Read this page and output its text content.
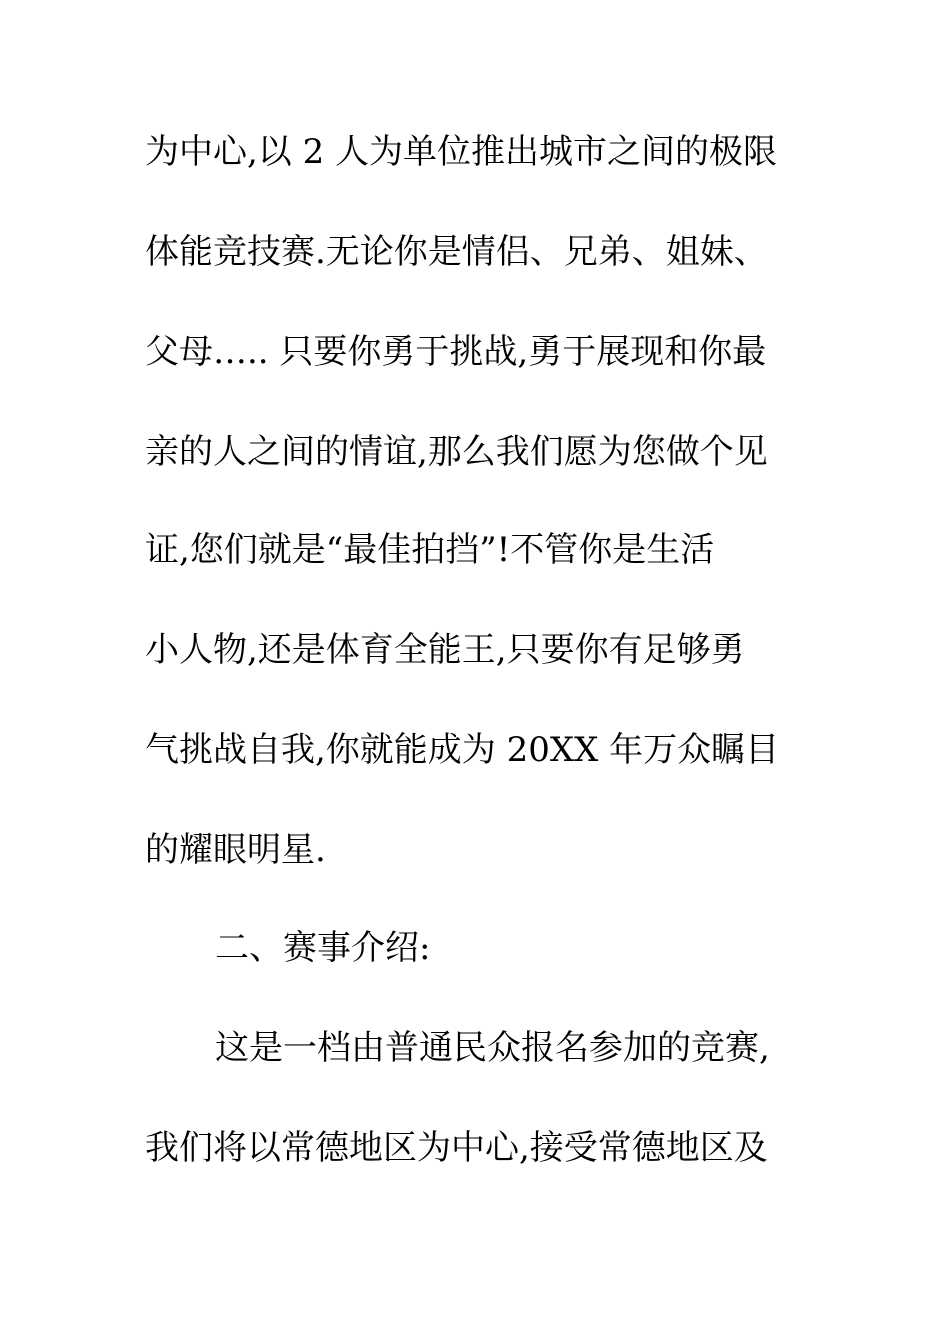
为中心,以 2 人为单位推出城市之间的极限

体能竞技赛.无论你是情侣、兄弟、姐妹、

父母….. 只要你勇于挑战,勇于展现和你最

亲的人之间的情谊,那么我们愿为您做个见

证,您们就是“最佳拍挡”!不管你是生活

小人物,还是体育全能王,只要你有足够勇

气挑战自我,你就能成为 20XX 年万众瞩目

的耀眼明星.

二、赛事介绍:

这是一档由普通民众报名参加的竞赛,

我们将以常德地区为中心,接受常德地区及
